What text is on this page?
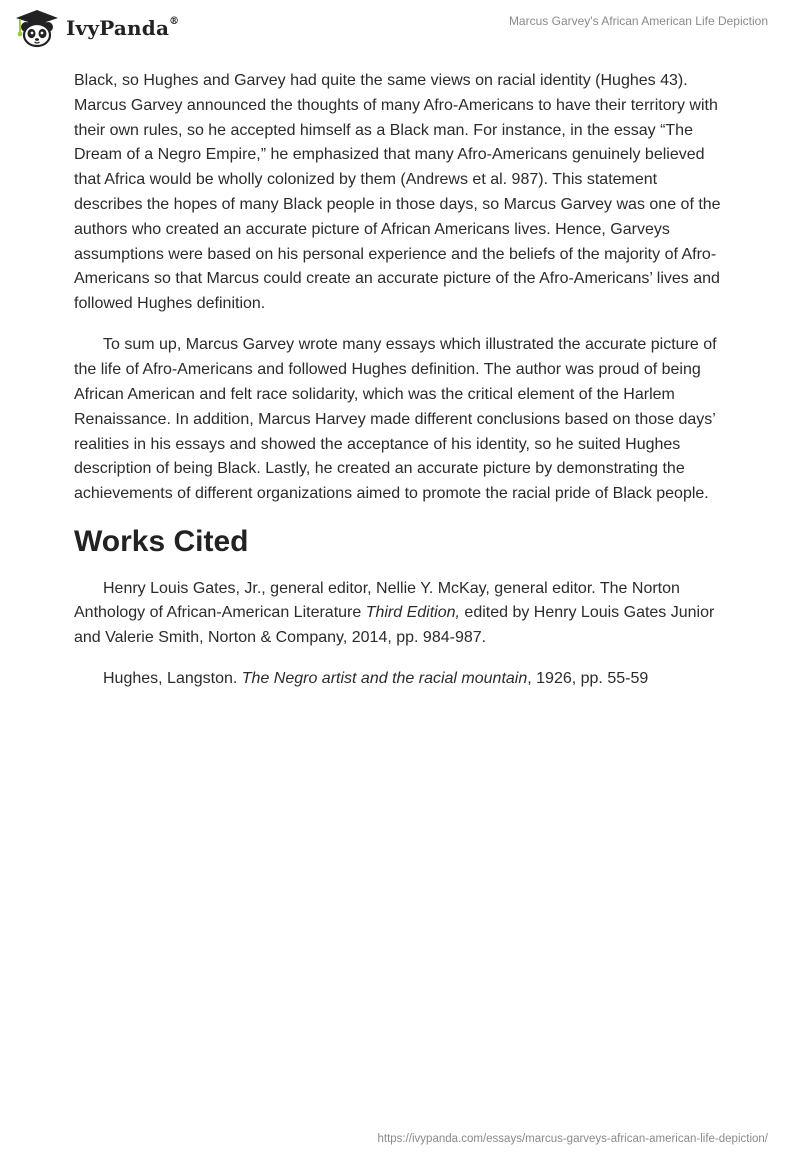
IvyPanda®	Marcus Garvey's African American Life Depiction

Black, so Hughes and Garvey had quite the same views on racial identity (Hughes 43). Marcus Garvey announced the thoughts of many Afro-Americans to have their territory with their own rules, so he accepted himself as a Black man. For instance, in the essay “The Dream of a Negro Empire,” he emphasized that many Afro-Americans genuinely believed that Africa would be wholly colonized by them (Andrews et al. 987). This statement describes the hopes of many Black people in those days, so Marcus Garvey was one of the authors who created an accurate picture of African Americans lives. Hence, Garveys assumptions were based on his personal experience and the beliefs of the majority of Afro-Americans so that Marcus could create an accurate picture of the Afro-Americans’ lives and followed Hughes definition.

To sum up, Marcus Garvey wrote many essays which illustrated the accurate picture of the life of Afro-Americans and followed Hughes definition. The author was proud of being African American and felt race solidarity, which was the critical element of the Harlem Renaissance. In addition, Marcus Harvey made different conclusions based on those days’ realities in his essays and showed the acceptance of his identity, so he suited Hughes description of being Black. Lastly, he created an accurate picture by demonstrating the achievements of different organizations aimed to promote the racial pride of Black people.

Works Cited

Henry Louis Gates, Jr., general editor, Nellie Y. McKay, general editor. The Norton Anthology of African-American Literature Third Edition, edited by Henry Louis Gates Junior and Valerie Smith, Norton & Company, 2014, pp. 984-987.

Hughes, Langston. The Negro artist and the racial mountain, 1926, pp. 55-59

https://ivypanda.com/essays/marcus-garveys-african-american-life-depiction/
